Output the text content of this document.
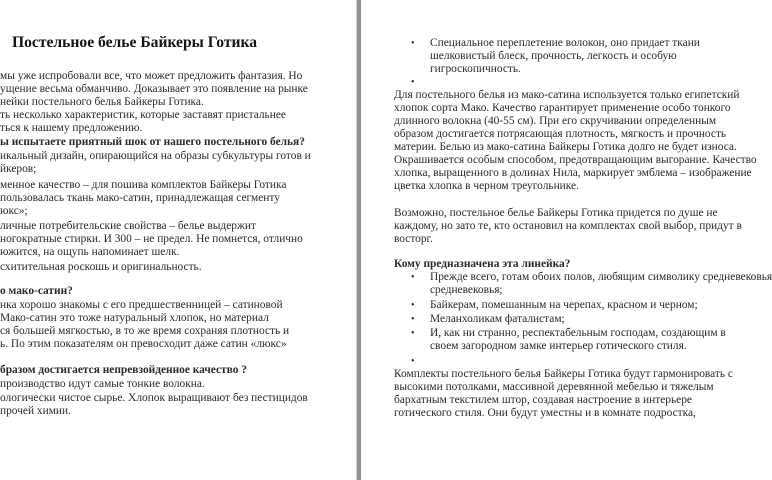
Постельное белье Байкеры Готика
мы уже испробовали все, что может предложить фантазия. Но
ущение весьма обманчиво. Доказывает это появление на рынке
нейки постельного белья Байкеры Готика.
ть несколько характеристик, которые заставят пристальнее
ться к нашему предложению.
ы испытаете приятный шок от нашего постельного белья?
икальный дизайн, опирающийся на образы субкультуры готов и
йкеров;
менное качество – для пошива комплектов Байкеры Готика
пользовалась ткань мако-сатин, принадлежащая сегменту
юкс»;
личные потребительские свойства – белье выдержит
ногократные стирки. И 300 – не предел. Не помнется, отлично
южится, на ощупь напоминает шелк.
схитительная роскошь и оригинальность.
о мако-сатин?
нка хорошо знакомы с его предшественницей – сатиновой
Мако-сатин это тоже натуральный хлопок, но материал
ся большей мягкостью, в то же время сохраняя плотность и
ь. По этим показателям он превосходит даже сатин «люкс»
бразом достигается непревзойденное качество ?
производство идут самые тонкие волокна.
ологически чистое сырье. Хлопок выращивают без пестицидов
прочей химии.
• Специальное переплетение волокон, оно придает ткани
шелковистый блеск, прочность, легкость и особую
гигроскопичность.
•
Для постельного белья из мако-сатина используется только египетский
хлопок сорта Мако. Качество гарантирует применение особо тонкого
длинного волокна (40-55 см). При его скручивании определенным
образом достигается потрясающая плотность, мягкость и прочность
материи. Белью из мако-сатина Байкеры Готика долго не будет износа.
Окрашивается особым способом, предотвращающим выгорание. Качество
хлопка, выращенного в долинах Нила, маркирует эмблема – изображение
цветка хлопка в черном треугольнике.
Возможно, постельное белье Байкеры Готика придется по душе не
каждому, но зато те, кто остановил на комплектах свой выбор, придут в
восторг.
Кому предназначена эта линейка?
• Прежде всего, готам обоих полов, любящим символику средневековья
средневековья;
• Байкерам, помешанным на черепах, красном и черном;
• Меланхоликам фаталистам;
• И, как ни странно, респектабельным господам, создающим в
своем загородном замке интерьер готического стиля.
•
Комплекты постельного белья Байкеры Готика будут гармонировать с
высокими потолками, массивной деревянной мебелью и тяжелым
бархатным текстилем штор, создавая настроение в интерьере
готического стиля. Они будут уместны и в комнате подростка,
